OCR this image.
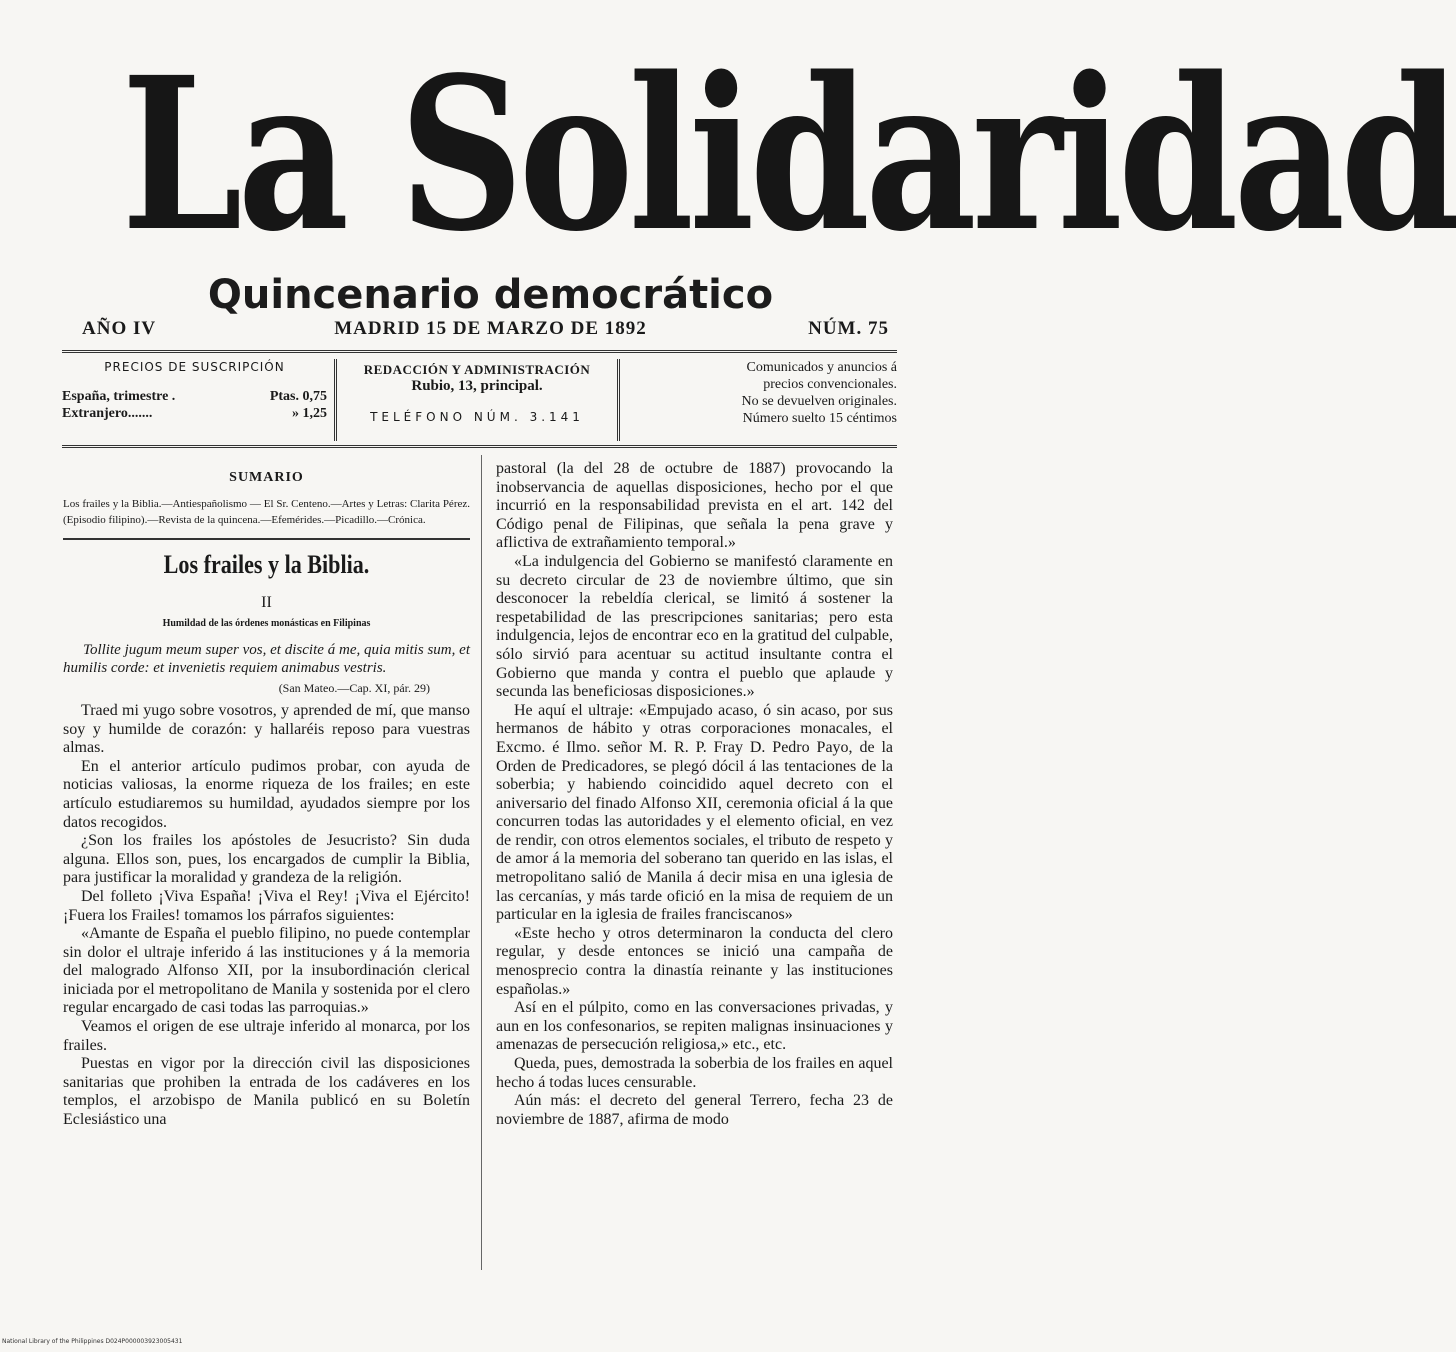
La Solidaridad
Quincenario democrático
AÑO IV	MADRID 15 DE MARZO DE 1892	NÚM. 75
PRECIOS DE SUSCRIPCIÓN
España, trimestre .	Ptas. 0,75
Extranjero.......	» 1,25
REDACCIÓN Y ADMINISTRACIÓN
Rubio, 13, principal.
TELÉFONO NÚM. 3.141
Comunicados y anuncios á
precios convencionales.
No se devuelven originales.
Número suelto 15 céntimos
SUMARIO

Los frailes y la Biblia.—Antiespañolismo — El Sr. Centeno.—Artes y Letras: Clarita Pérez. (Episodio filipino).—Revista de la quincena.—Efemérides.—Picadillo.—Crónica.

Los frailes y la Biblia.
II
Humildad de las órdenes monásticas en Filipinas

Tollite jugum meum super vos, et discite á me, quia mitis sum, et humilis corde: et invenietis requiem animabus vestris.

(San Mateo.—Cap. XI, pár. 29)

Traed mi yugo sobre vosotros, y aprended de mí, que manso soy y humilde de corazón: y hallaréis reposo para vuestras almas.

En el anterior artículo pudimos probar, con ayuda de noticias valiosas, la enorme riqueza de los frailes; en este artículo estudiaremos su humildad, ayudados siempre por los datos recogidos.

¿Son los frailes los apóstoles de Jesucristo? Sin duda alguna. Ellos son, pues, los encargados de cumplir la Biblia, para justificar la moralidad y grandeza de la religión.

Del folleto ¡Viva España! ¡Viva el Rey! ¡Viva el Ejército! ¡Fuera los Frailes! tomamos los párrafos siguientes:

«Amante de España el pueblo filipino, no puede contemplar sin dolor el ultraje inferido á las instituciones y á la memoria del malogrado Alfonso XII, por la insubordinación clerical iniciada por el metropolitano de Manila y sostenida por el clero regular encargado de casi todas las parroquias.»

Veamos el origen de ese ultraje inferido al monarca, por los frailes.

Puestas en vigor por la dirección civil las disposiciones sanitarias que prohiben la entrada de los cadáveres en los templos, el arzobispo de Manila publicó en su Boletín Eclesiástico una

pastoral (la del 28 de octubre de 1887) provocando la inobservancia de aquellas disposiciones, hecho por el que incurrió en la responsabilidad prevista en el art. 142 del Código penal de Filipinas, que señala la pena grave y aflictiva de extrañamiento temporal.»

«La indulgencia del Gobierno se manifestó claramente en su decreto circular de 23 de noviembre último, que sin desconocer la rebeldía clerical, se limitó á sostener la respetabilidad de las prescripciones sanitarias; pero esta indulgencia, lejos de encontrar eco en la gratitud del culpable, sólo sirvió para acentuar su actitud insultante contra el Gobierno que manda y contra el pueblo que aplaude y secunda las beneficiosas disposiciones.»

He aquí el ultraje: «Empujado acaso, ó sin acaso, por sus hermanos de hábito y otras corporaciones monacales, el Excmo. é Ilmo. señor M. R. P. Fray D. Pedro Payo, de la Orden de Predicadores, se plegó dócil á las tentaciones de la soberbia; y habiendo coincidido aquel decreto con el aniversario del finado Alfonso XII, ceremonia oficial á la que concurren todas las autoridades y el elemento oficial, en vez de rendir, con otros elementos sociales, el tributo de respeto y de amor á la memoria del soberano tan querido en las islas, el metropolitano salió de Manila á decir misa en una iglesia de las cercanías, y más tarde ofició en la misa de requiem de un particular en la iglesia de frailes franciscanos»

«Este hecho y otros determinaron la conducta del clero regular, y desde entonces se inició una campaña de menosprecio contra la dinastía reinante y las instituciones españolas.»

Así en el púlpito, como en las conversaciones privadas, y aun en los confesonarios, se repiten malignas insinuaciones y amenazas de persecución religiosa,» etc., etc.

Queda, pues, demostrada la soberbia de los frailes en aquel hecho á todas luces censurable.

Aún más: el decreto del general Terrero, fecha 23 de noviembre de 1887, afirma de modo

National Library of the Philippines D024P000003923005431
